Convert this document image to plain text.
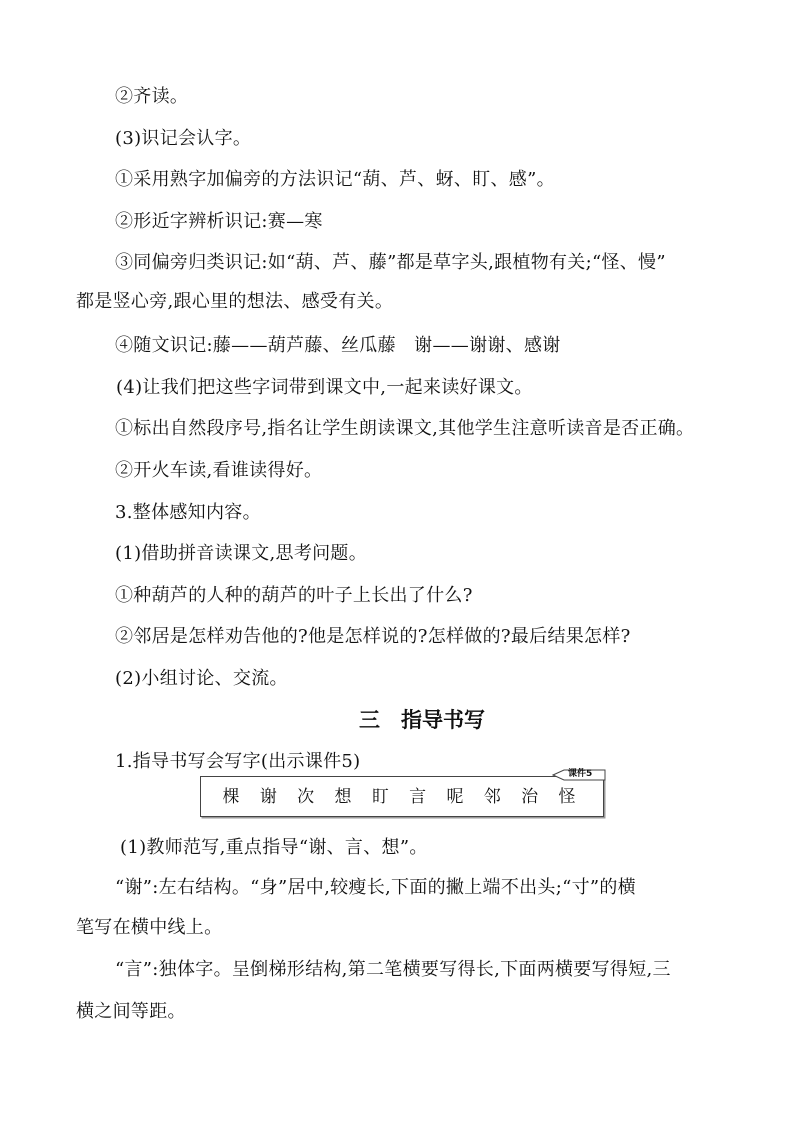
②齐读。
(3)识记会认字。
①采用熟字加偏旁的方法识记“葫、芦、蚜、盯、感”。
②形近字辨析识记:赛—寒
③同偏旁归类识记:如“葫、芦、藤”都是草字头,跟植物有关;“怪、慢”
都是竖心旁,跟心里的想法、感受有关。
④随文识记:藤——葫芦藤、丝瓜藤　谢——谢谢、感谢
(4)让我们把这些字词带到课文中,一起来读好课文。
①标出自然段序号,指名让学生朗读课文,其他学生注意听读音是否正确。
②开火车读,看谁读得好。
3.整体感知内容。
(1)借助拼音读课文,思考问题。
①种葫芦的人种的葫芦的叶子上长出了什么?
②邻居是怎样劝告他的?他是怎样说的?怎样做的?最后结果怎样?
(2)小组讨论、交流。
三　指导书写
1.指导书写会写字(出示课件5)
棵 谢 次 想 盯 言 呢 邻 治 怪
课件5
(1)教师范写,重点指导“谢、言、想”。
“谢”:左右结构。“身”居中,较瘦长,下面的撇上端不出头;“寸”的横
笔写在横中线上。
“言”:独体字。呈倒梯形结构,第二笔横要写得长,下面两横要写得短,三
横之间等距。
